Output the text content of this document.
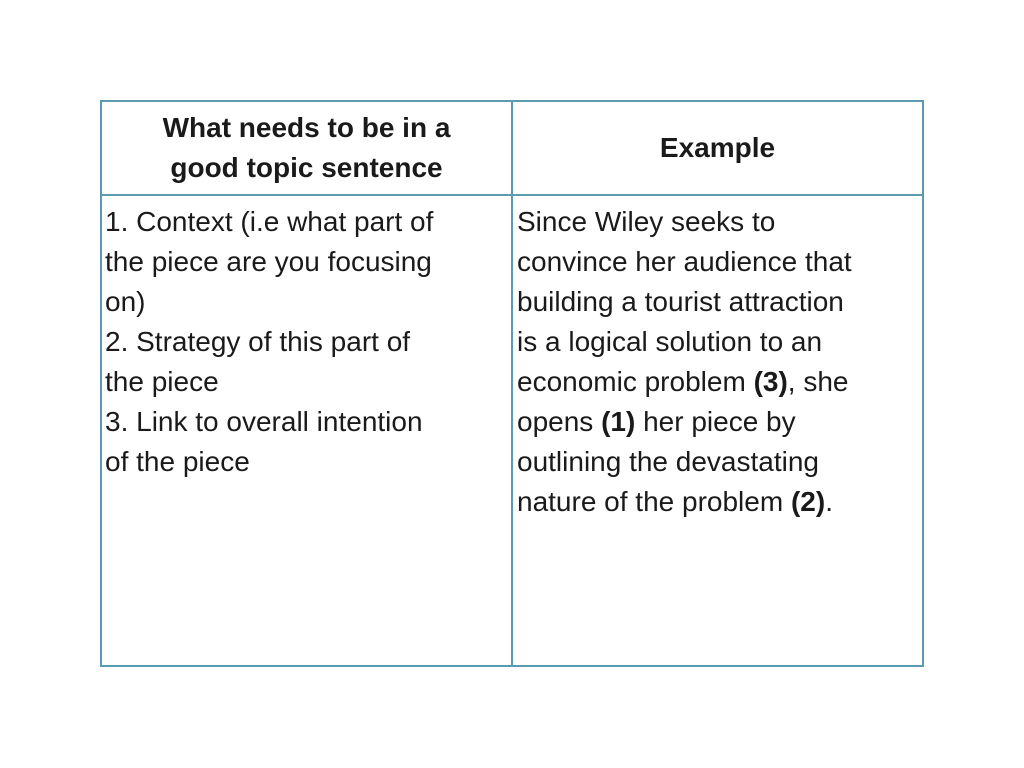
What needs to be in a
good topic sentence
Example
1. Context (i.e what part of
the piece are you focusing
on)
2. Strategy of this part of
the piece
3. Link to overall intention
of the piece
Since Wiley seeks to
convince her audience that
building a tourist attraction
is a logical solution to an
economic problem (3), she
opens (1) her piece by
outlining the devastating
nature of the problem (2).
